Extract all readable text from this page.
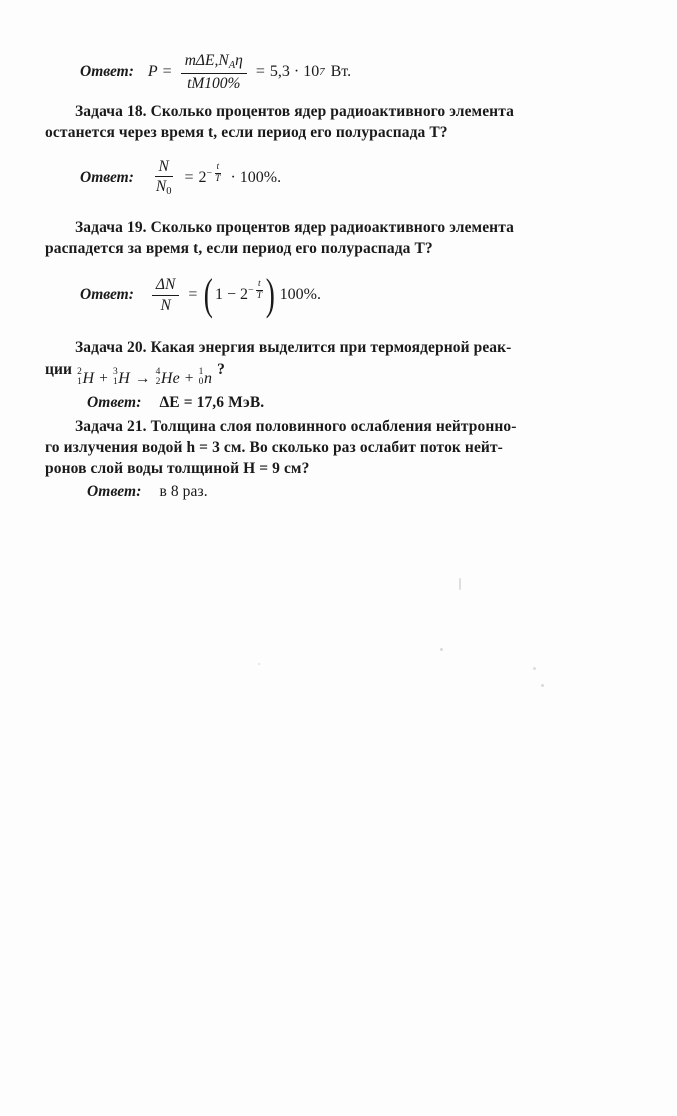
Ответ: $P = \frac{m\Delta E,N_A\eta}{tM100\%} = 5,3 \cdot 10$ 7 Вт.

Задача 18. Сколько процентов ядер радиоактивного элемента

останется через время t, если период его полураспада T?

Ответ: $\frac{N}{N_0} = 2 - \frac{t}{T} \cdot 100\%$.

Задача 19. Сколько процентов ядер радиоактивного элемента

распадется за время t, если период его полураспада T?

Ответ: $\frac{\Delta N}{N}$ = ( $1 - 2 - \frac{t}{T}$ ) 100%.

Задача 20. Какая энергия выделится при термоядерной реак-

ции 2
1 H + 3
1 H → 4
2 He + 1
0 n
?

Ответ: ΔE = 17,6 МэВ.

Задача 21. Толщина слоя половинного ослабления нейтронно-

го излучения водой h = 3 см. Во сколько раз ослабит поток нейт-

ронов слой воды толщиной H = 9 см?

Ответ: в 8 раз.
